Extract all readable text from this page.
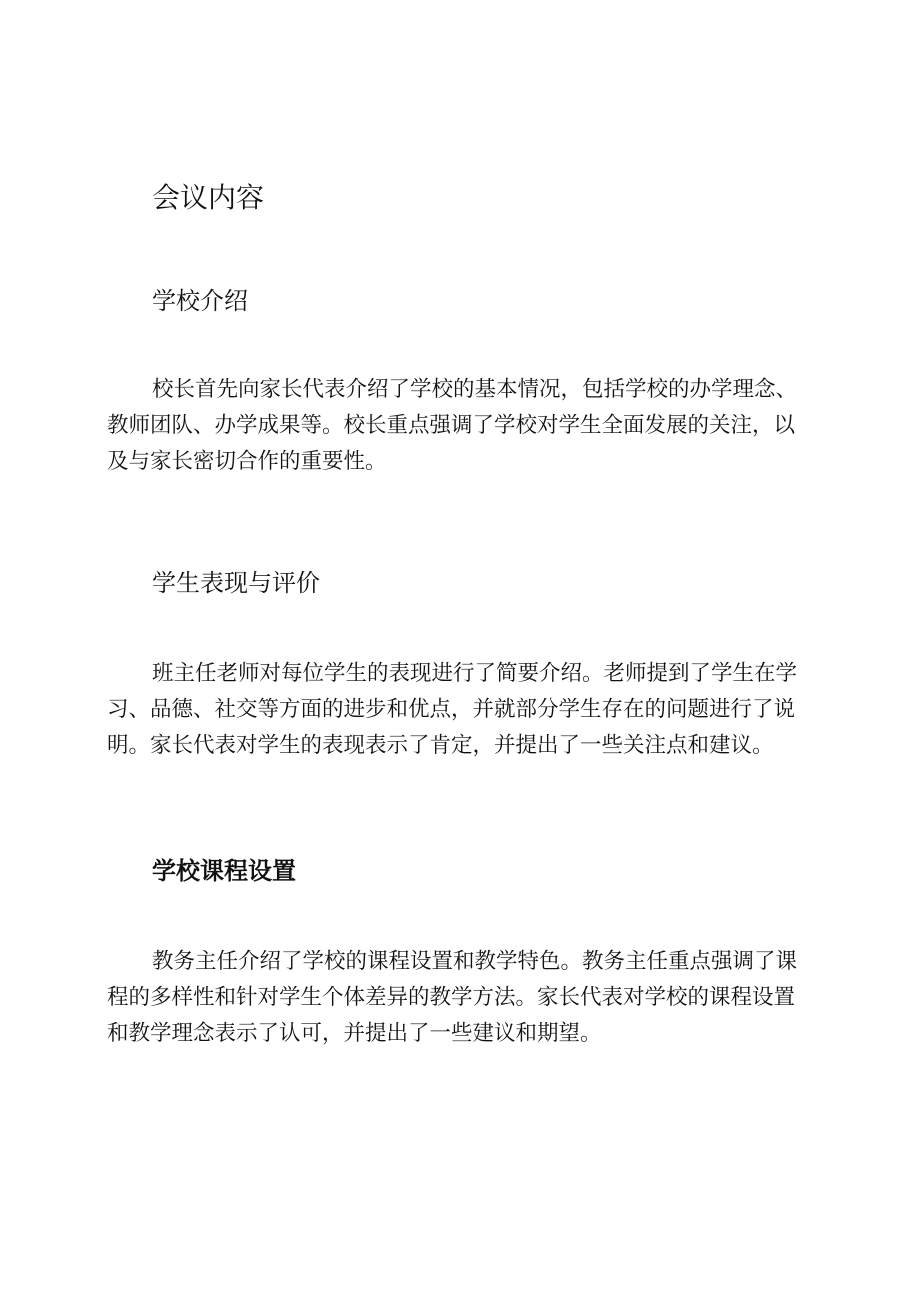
会议内容
学校介绍

校长首先向家长代表介绍了学校的基本情况，包括学校的办学理念、
教师团队、办学成果等。校长重点强调了学校对学生全面发展的关注，以
及与家长密切合作的重要性。

学生表现与评价

班主任老师对每位学生的表现进行了简要介绍。老师提到了学生在学
习、品德、社交等方面的进步和优点，并就部分学生存在的问题进行了说
明。家长代表对学生的表现表示了肯定，并提出了一些关注点和建议。

学校课程设置

教务主任介绍了学校的课程设置和教学特色。教务主任重点强调了课
程的多样性和针对学生个体差异的教学方法。家长代表对学校的课程设置
和教学理念表示了认可，并提出了一些建议和期望。
